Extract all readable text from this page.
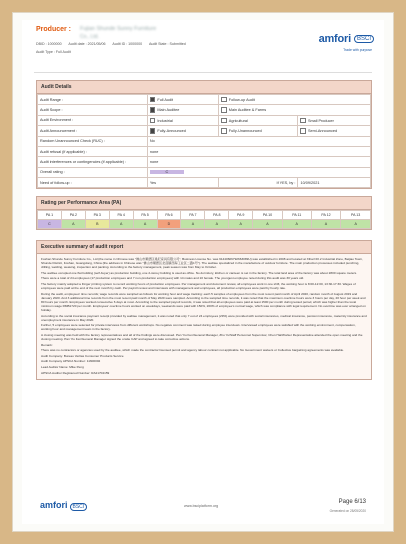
Producer : Fujian Shunde Sunny Furniture
Co., Ltd.
DBID : 1000000 Audit date : 2021/05/06 Audit ID : 1000000 Audit State : Submitted
Audit Type : Full Audit
amfori	BSCI
Trade with purpose
Audit Details
Audit Range :	Full Audit	Follow-up Audit	
Audit Scope :	Main Auditee	Main Auditee & Farms	
Audit Environment :	Industrial	Agricultural	Small Producer
Audit Announcement :	Fully-Announced	Fully-Unannounced	Semi-Announced
Random Unannounced Check (RUC) :	No		
Audit refusal (if applicable) :	none		
Audit interferences or contingencies (if applicable) :	none		
Overall rating :	C		
Need of follow-up :	Yes	If YES, by :	10/09/2021
Rating per Performance Area (PA)
PA 1	PA 2	PA 3	PA 4	PA 5	PA 6	PA 7	PA 8	PA 9	PA 10	PA 11	PA 12	PA 13
C	A	B	A	A	D	A	A	A	A	A	A	A
Executive summary of audit report

Foshan Shunde Sunny Furniture Co., Ltd (the name in Chinese was "佛山市顺德区桑尼家具有限公司", Business License No. was 91440606792663089U) was established in 2008 and located at Xihai NO.2 Industrial Zone, Beijiao Town, Shunde District, Foshan, Guangdong, China (the address in Chinese was "佛山市顺德区北滘镇西海工业区二路1号"). The auditee specialized in the manufacture of outdoor furniture. The main production processes included punching, drilling, welding, weaving, inspection and packing. According to the factory management, peak season was from May to October.

The auditee occupied one flat building (self-buyer) as production building, one 2-storey building is used as office. No dormitory, kitchen or canteen is set in the factory. The total land area of the factory was about 2800 square meters.

There were a total of 24 employees (17 production employees and 7 non-production employees) with 14 males and 10 female. The youngest employee noted during this audit was 30 years old.

The factory mainly adopted a Finger printing system to record working hours of production employees. Per management and document review, all employees work in one shift, the working hour is 8:00-12:00, 13:30-17:30. Wages of employees were paid at the end of the next month by cash. Per payroll review and interviews with management and employees, all production employees were paid by hourly rate.

During the audit, employees' time records; wage records were sampled as follows for working hour and wage tracking: each 5 samples of employees from the most recent paid month of April 2020, random month of August 2019 and January 2020. And 3 additional time records from the most recent paid month of May 2020 were sampled. According to the sampled time records, it was noted that the maximum overtime hours were 3 hours per day, 20 hour per week and 80 hours per month. Employees worked consecutive 6 days at most. According to the sampled payroll records, it was noted that all employees were paid at least 1500 per month during tested period, which was higher than the local minimum wage RMB1720 per month. Employees' overtime hours worked on weekdays, weekends were paid with 150%, 200% of employee's normal wage, which was compliance with legal requirement. No overtime was ever arranged on holiday.

According to the social insurance payment receipt provided by auditee management, it was noted that only 7 out of 24 employees (29%) were provided with social insurances, medical insurance, pension insurance, maternity insurance and unemployment insurance in May 2020.

Further, 5 employees were selected for private interviews from different workshops. No negative comment was raised during employee interviews. Interviewed employees were satisfied with the working environment, compensation, working hour and management team in the factory.

A closing meeting was held with the factory representatives and all of the findings were discussed. Pan Yiu Fen/General Manager, Zhu Yu/Staff Personnel Supervisor, Chen Hai/Worker Representative attended the open meeting and the closing meeting. Pan Yiu Fen/General Manager signed the onsite CAP and agreed to take corrective actions.

Remark:

There was no contractors or agencies used by the auditee, which made the contractor licensed permit and agency labour contract not applicable. No Government waivers or Collective bargaining agreements was available.

Audit Company: Bureau Veritas Consumer Products Service

Audit Company APSCA Number: 11600002

Lead Auditor Name: Mike Peng

APSCA Auditor Registered Number: RA21704159

amfori BSCI	www.bsciplatform.org
Page 6/13
Generated on 28/05/2020
